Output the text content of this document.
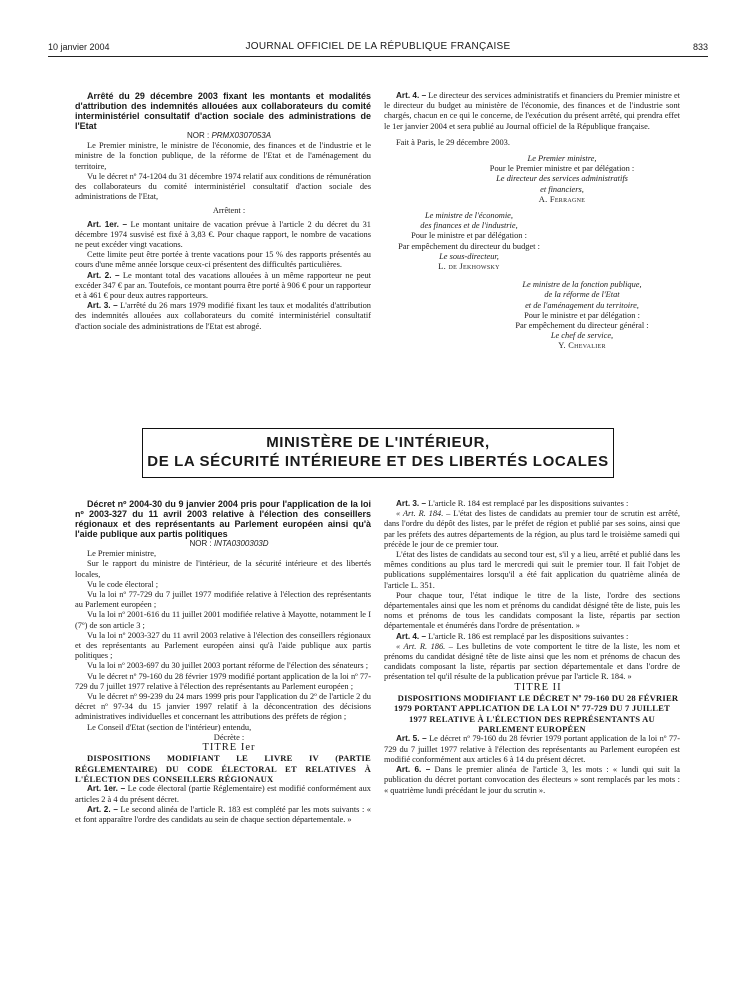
10 janvier 2004	JOURNAL OFFICIEL DE LA RÉPUBLIQUE FRANÇAISE	833

Arrêté du 29 décembre 2003 fixant les montants et modalités d'attribution des indemnités allouées aux collaborateurs du comité interministériel consultatif d'action sociale des administrations de l'Etat

NOR : PRMX0307053A

Le Premier ministre, le ministre de l'économie, des finances et de l'industrie et le ministre de la fonction publique, de la réforme de l'Etat et de l'aménagement du territoire,

Vu le décret nº 74-1204 du 31 décembre 1974 relatif aux conditions de rémunération des collaborateurs du comité interministériel consultatif d'action sociale des administrations de l'Etat,

Arrêtent :

Art. 1er. – Le montant unitaire de vacation prévue à l'article 2 du décret du 31 décembre 1974 susvisé est fixé à 3,83 €. Pour chaque rapport, le nombre de vacations ne peut excéder vingt vacations.

Cette limite peut être portée à trente vacations pour 15 % des rapports présentés au cours d'une même année lorsque ceux-ci présentent des difficultés particulières.

Art. 2. – Le montant total des vacations allouées à un même rapporteur ne peut excéder 347 € par an. Toutefois, ce montant pourra être porté à 906 € pour un rapporteur et à 461 € pour deux autres rapporteurs.

Art. 3. – L'arrêté du 26 mars 1979 modifié fixant les taux et modalités d'attribution des indemnités allouées aux collaborateurs du comité interministériel consultatif d'action sociale des administrations de l'Etat est abrogé.

Art. 4. – Le directeur des services administratifs et financiers du Premier ministre et le directeur du budget au ministère de l'économie, des finances et de l'industrie sont chargés, chacun en ce qui le concerne, de l'exécution du présent arrêté, qui prendra effet le 1er janvier 2004 et sera publié au Journal officiel de la République française.

Fait à Paris, le 29 décembre 2003.

Le Premier ministre,
Pour le Premier ministre et par délégation :
Le directeur des services administratifs
et financiers,
A. Ferragne
Le ministre de l'économie,
des finances et de l'industrie,
Pour le ministre et par délégation :
Par empêchement du directeur du budget :
Le sous-directeur,
L. de Jekhowsky
Le ministre de la fonction publique,
de la réforme de l'Etat
et de l'aménagement du territoire,
Pour le ministre et par délégation :
Par empêchement du directeur général :
Le chef de service,
Y. Chevalier
MINISTÈRE DE L'INTÉRIEUR,
DE LA SÉCURITÉ INTÉRIEURE ET DES LIBERTÉS LOCALES

Décret nº 2004-30 du 9 janvier 2004 pris pour l'application de la loi nº 2003-327 du 11 avril 2003 relative à l'élection des conseillers régionaux et des représentants au Parlement européen ainsi qu'à l'aide publique aux partis politiques

NOR : INTA0300303D

Le Premier ministre,

Sur le rapport du ministre de l'intérieur, de la sécurité intérieure et des libertés locales,

Vu le code électoral ;

Vu la loi nº 77-729 du 7 juillet 1977 modifiée relative à l'élection des représentants au Parlement européen ;

Vu la loi nº 2001-616 du 11 juillet 2001 modifiée relative à Mayotte, notamment le I (7º) de son article 3 ;

Vu la loi nº 2003-327 du 11 avril 2003 relative à l'élection des conseillers régionaux et des représentants au Parlement européen ainsi qu'à l'aide publique aux partis politiques ;

Vu la loi nº 2003-697 du 30 juillet 2003 portant réforme de l'élection des sénateurs ;

Vu le décret nº 79-160 du 28 février 1979 modifié portant application de la loi nº 77-729 du 7 juillet 1977 relative à l'élection des représentants au Parlement européen ;

Vu le décret nº 99-239 du 24 mars 1999 pris pour l'application du 2º de l'article 2 du décret nº 97-34 du 15 janvier 1997 relatif à la déconcentration des décisions administratives individuelles et concernant les attributions des préfets de région ;

Le Conseil d'Etat (section de l'intérieur) entendu,

Décrète :

TITRE Ier

DISPOSITIONS MODIFIANT LE LIVRE IV (PARTIE RÉGLEMENTAIRE) DU CODE ÉLECTORAL ET RELATIVES À L'ÉLECTION DES CONSEILLERS RÉGIONAUX

Art. 1er. – Le code électoral (partie Réglementaire) est modifié conformément aux articles 2 à 4 du présent décret.

Art. 2. – Le second alinéa de l'article R. 183 est complété par les mots suivants : « et font apparaître l'ordre des candidats au sein de chaque section départementale. »

Art. 3. – L'article R. 184 est remplacé par les dispositions suivantes :

« Art. R. 184. – L'état des listes de candidats au premier tour de scrutin est arrêté, dans l'ordre du dépôt des listes, par le préfet de région et publié par ses soins, ainsi que par les préfets des autres départements de la région, au plus tard le troisième samedi qui précède le jour de ce premier tour.

L'état des listes de candidats au second tour est, s'il y a lieu, arrêté et publié dans les mêmes conditions au plus tard le mercredi qui suit le premier tour. Il fait l'objet de publications supplémentaires lorsqu'il a été fait application du quatrième alinéa de l'article L. 351.

Pour chaque tour, l'état indique le titre de la liste, l'ordre des sections départementales ainsi que les nom et prénoms du candidat désigné tête de liste, puis les noms et prénoms de tous les candidats composant la liste, répartis par section départementale et énumérés dans l'ordre de présentation. »

Art. 4. – L'article R. 186 est remplacé par les dispositions suivantes :

« Art. R. 186. – Les bulletins de vote comportent le titre de la liste, les nom et prénoms du candidat désigné tête de liste ainsi que les nom et prénoms de chacun des candidats composant la liste, répartis par section départementale et dans l'ordre de présentation tel qu'il résulte de la publication prévue par l'article R. 184. »

TITRE II

DISPOSITIONS MODIFIANT LE DÉCRET Nº 79-160 DU 28 FÉVRIER 1979 PORTANT APPLICATION DE LA LOI Nº 77-729 DU 7 JUILLET 1977 RELATIVE À L'ÉLECTION DES REPRÉSENTANTS AU PARLEMENT EUROPÉEN

Art. 5. – Le décret nº 79-160 du 28 février 1979 portant application de la loi nº 77-729 du 7 juillet 1977 relative à l'élection des représentants au Parlement européen est modifié conformément aux articles 6 à 14 du présent décret.

Art. 6. – Dans le premier alinéa de l'article 3, les mots : « lundi qui suit la publication du décret portant convocation des électeurs » sont remplacés par les mots : « quatrième lundi précédant le jour du scrutin ».
